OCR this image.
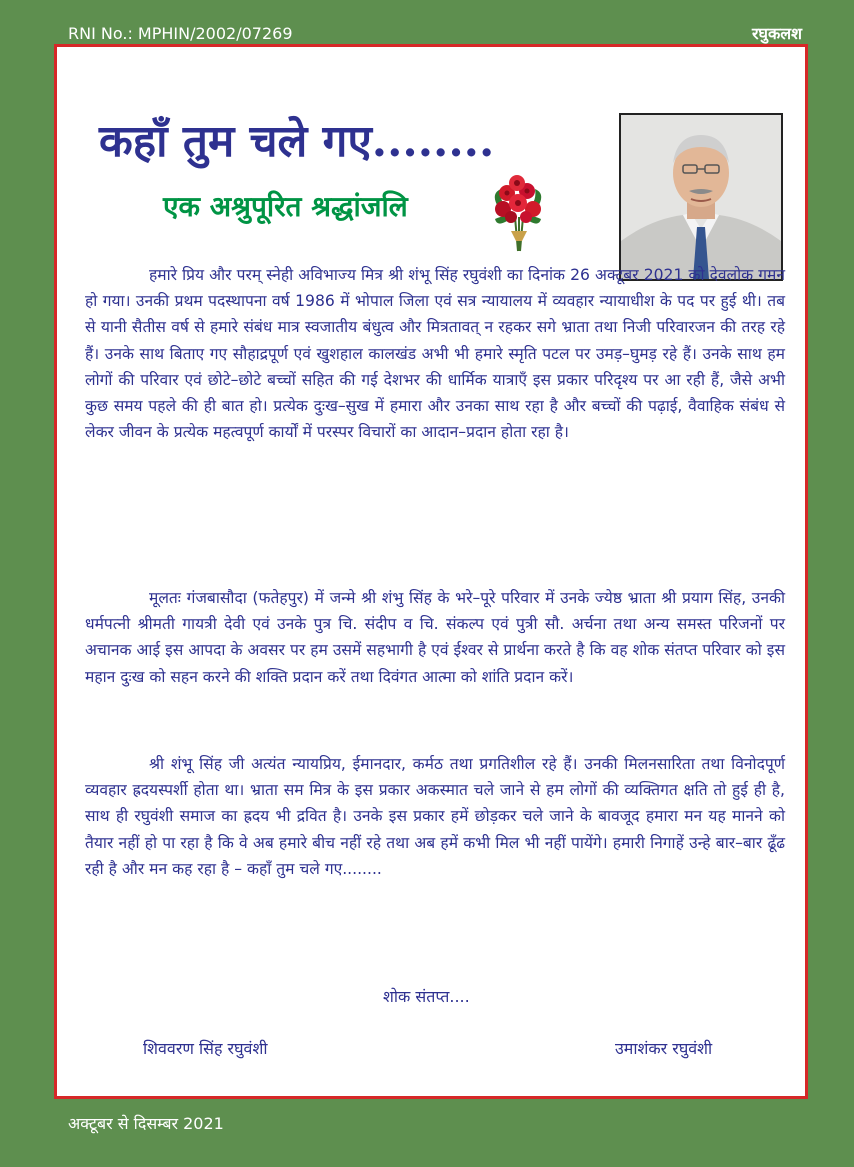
RNI No.: MPHIN/2002/07269	रघुकलश
कहाँ तुम चले गए........
एक अश्रुपूरित श्रद्धांजलि

हमारे प्रिय और परम् स्नेही अविभाज्य मित्र श्री शंभू सिंह रघुवंशी का दिनांक 26 अक्टूबर 2021 को देवलोक गमन हो गया। उनकी प्रथम पदस्थापना वर्ष 1986 में भोपाल जिला एवं सत्र न्यायालय में व्यवहार न्यायाधीश के पद पर हुई थी। तब से यानी सैतीस वर्ष से हमारे संबंध मात्र स्वजातीय बंधुत्व और मित्रतावत् न रहकर सगे भ्राता तथा निजी परिवारजन की तरह रहे हैं। उनके साथ बिताए गए सौहाद्रपूर्ण एवं खुशहाल कालखंड अभी भी हमारे स्मृति पटल पर उमड़–घुमड़ रहे हैं। उनके साथ हम लोगों की परिवार एवं छोटे–छोटे बच्चों सहित की गई देशभर की धार्मिक यात्राएँ इस प्रकार परिदृश्य पर आ रही हैं, जैसे अभी कुछ समय पहले की ही बात हो। प्रत्येक दुःख–सुख में हमारा और उनका साथ रहा है और बच्चों की पढ़ाई, वैवाहिक संबंध से लेकर जीवन के प्रत्येक महत्वपूर्ण कार्यों में परस्पर विचारों का आदान–प्रदान होता रहा है।

मूलतः गंजबासौदा (फतेहपुर) में जन्मे श्री शंभु सिंह के भरे–पूरे परिवार में उनके ज्येष्ठ भ्राता श्री प्रयाग सिंह, उनकी धर्मपत्नी श्रीमती गायत्री देवी एवं उनके पुत्र चि. संदीप व चि. संकल्प एवं पुत्री सौ. अर्चना तथा अन्य समस्त परिजनों पर अचानक आई इस आपदा के अवसर पर हम उसमें सहभागी है एवं ईश्वर से प्रार्थना करते है कि वह शोक संतप्त परिवार को इस महान दुःख को सहन करने की शक्ति प्रदान करें तथा दिवंगत आत्मा को शांति प्रदान करें।

श्री शंभू सिंह जी अत्यंत न्यायप्रिय, ईमानदार, कर्मठ तथा प्रगतिशील रहे हैं। उनकी मिलनसारिता तथा विनोदपूर्ण व्यवहार ह्रदयस्पर्शी होता था। भ्राता सम मित्र के इस प्रकार अकस्मात चले जाने से हम लोगों की व्यक्तिगत क्षति तो हुई ही है, साथ ही रघुवंशी समाज का ह्रदय भी द्रवित है। उनके इस प्रकार हमें छोड़कर चले जाने के बावजूद हमारा मन यह मानने को तैयार नहीं हो पा रहा है कि वे अब हमारे बीच नहीं रहे तथा अब हमें कभी मिल भी नहीं पायेंगे। हमारी निगाहें उन्हे बार–बार ढूँढ रही है और मन कह रहा है – कहाँ तुम चले गए........

शोक संतप्त....
शिववरण सिंह रघुवंशी	उमाशंकर रघुवंशी
अक्टूबर से दिसम्बर 2021
